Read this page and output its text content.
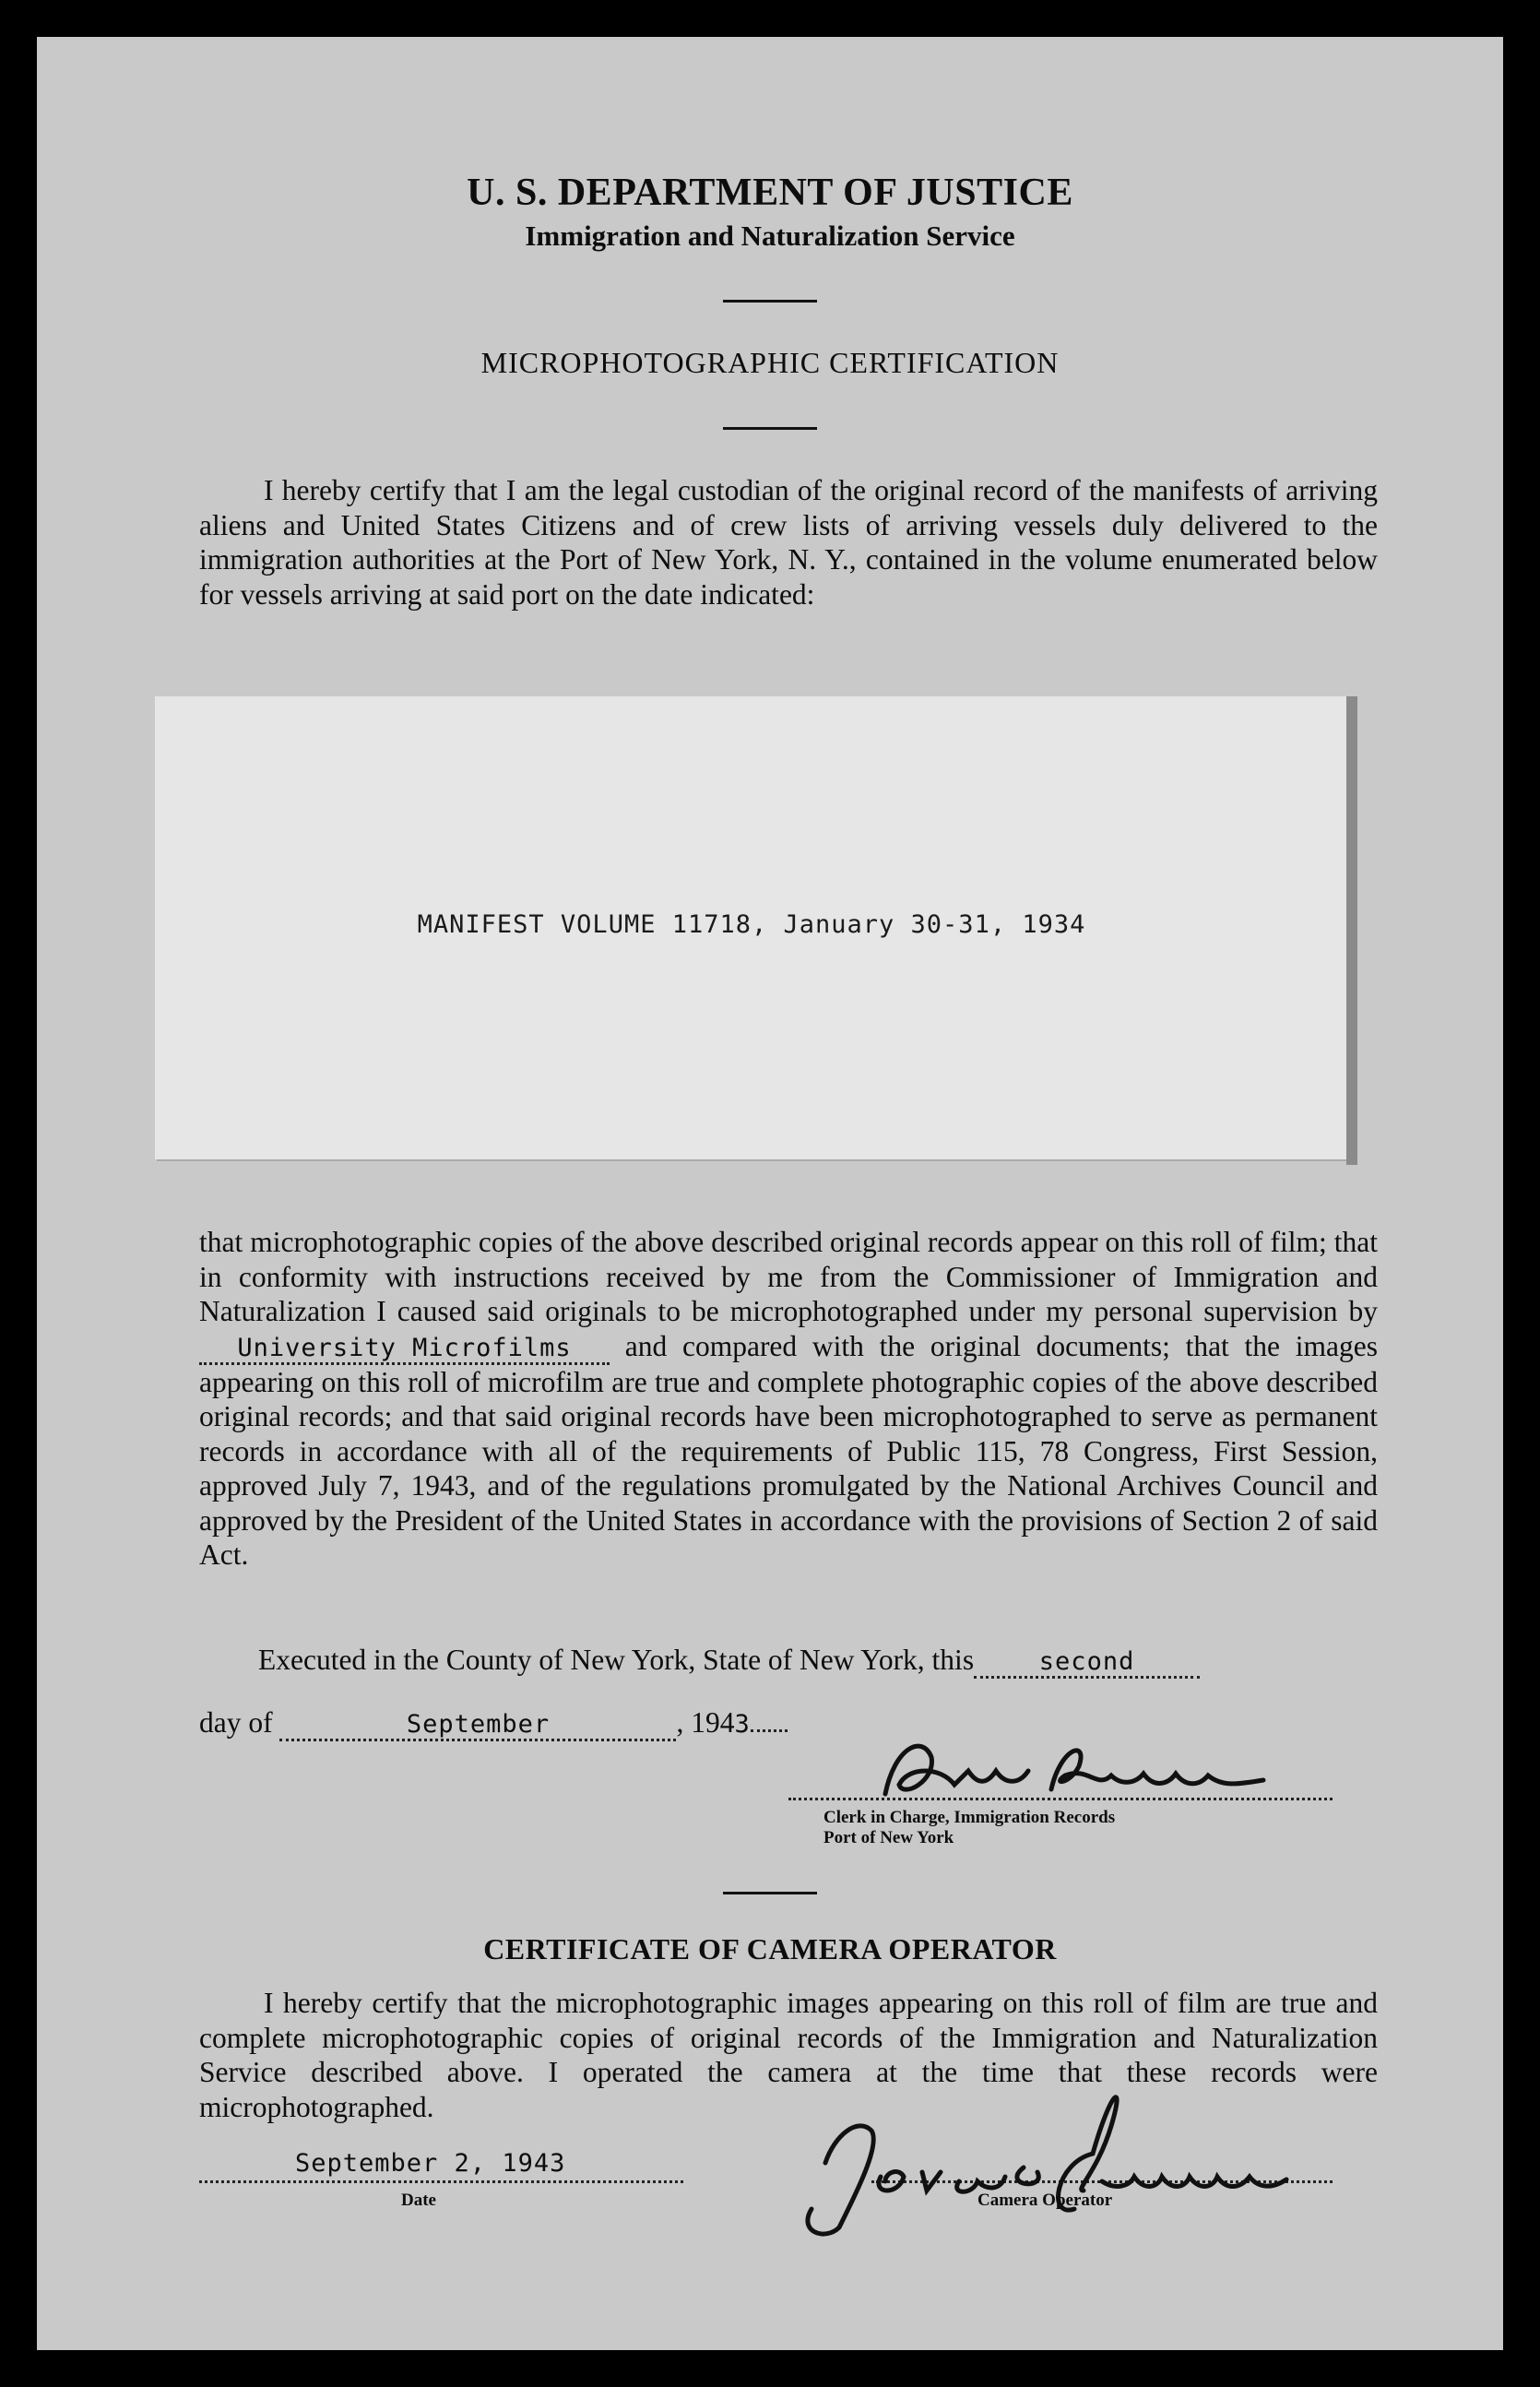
U. S. DEPARTMENT OF JUSTICE
Immigration and Naturalization Service
MICROPHOTOGRAPHIC CERTIFICATION

I hereby certify that I am the legal custodian of the original record of the manifests of arriving aliens and United States Citizens and of crew lists of arriving vessels duly delivered to the immigration authorities at the Port of New York, N. Y., contained in the volume enumerated below for vessels arriving at said port on the date indicated:

MANIFEST VOLUME 11718, January 30-31, 1934

that microphotographic copies of the above described original records appear on this roll of film; that in conformity with instructions received by me from the Commissioner of Immigration and Naturalization I caused said originals to be microphotographed under my personal supervision by University Microfilms and compared with the original documents; that the images appearing on this roll of microfilm are true and complete photographic copies of the above described original records; and that said original records have been microphotographed to serve as permanent records in accordance with all of the requirements of Public 115, 78 Congress, First Session, approved July 7, 1943, and of the regulations promulgated by the National Archives Council and approved by the President of the United States in accordance with the provisions of Section 2 of said Act.

Executed in the County of New York, State of New York, this	second
day of	September	, 1943
Clerk in Charge, Immigration Records
Port of New York
CERTIFICATE OF CAMERA OPERATOR

I hereby certify that the microphotographic images appearing on this roll of film are true and complete microphotographic copies of original records of the Immigration and Naturalization Service described above. I operated the camera at the time that these records were microphotographed.

September 2, 1943
Date	Camera Operator
